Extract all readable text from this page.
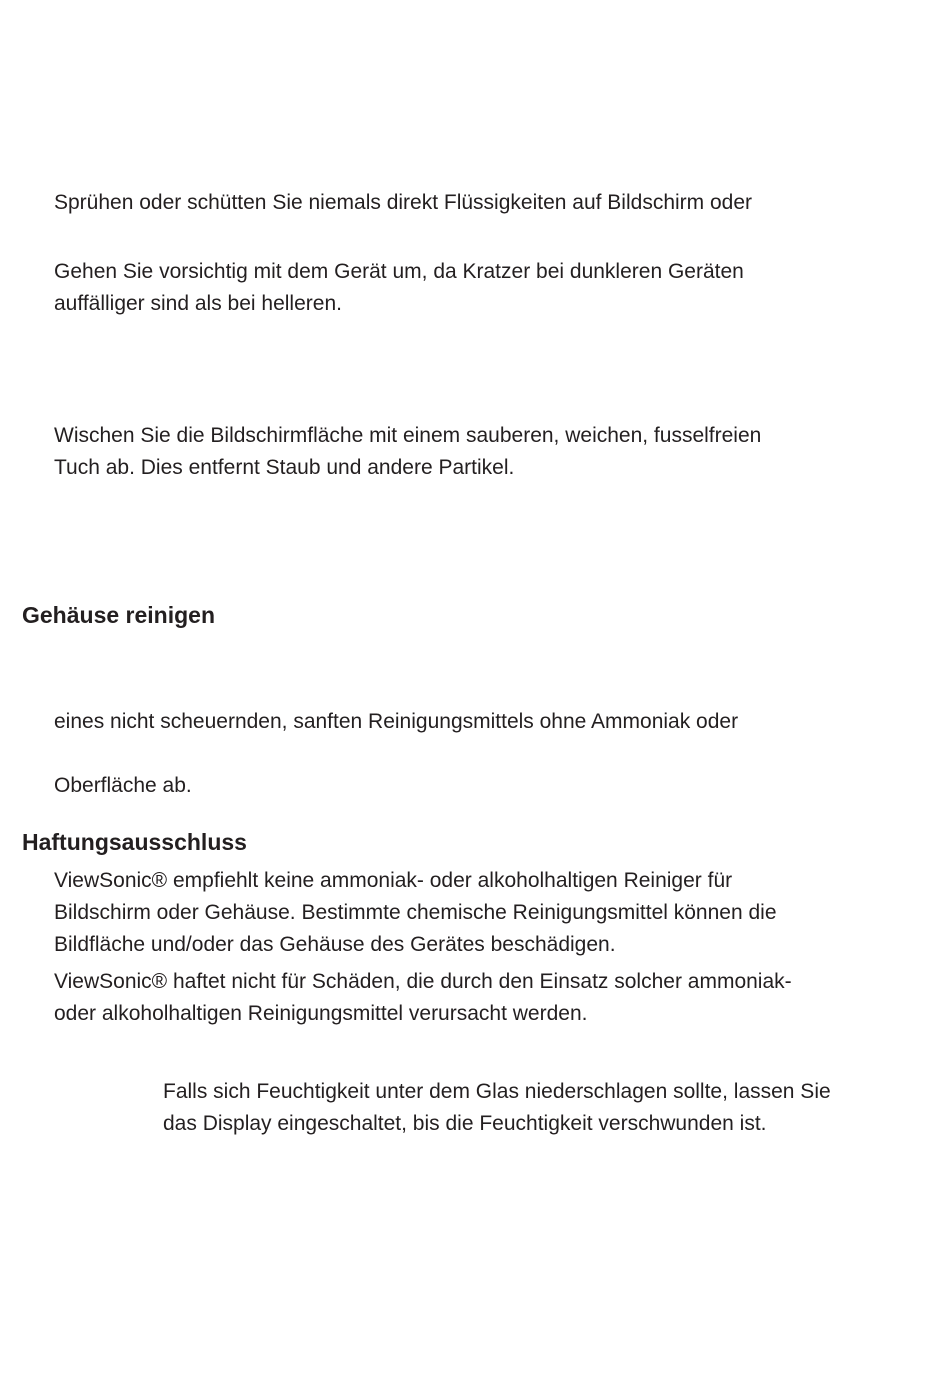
Sprühen oder schütten Sie niemals direkt Flüssigkeiten auf Bildschirm oder

Gehen Sie vorsichtig mit dem Gerät um, da Kratzer bei dunkleren Geräten
auffälliger sind als bei helleren.

Wischen Sie die Bildschirmfläche mit einem sauberen, weichen, fusselfreien
Tuch ab. Dies entfernt Staub und andere Partikel.

Gehäuse reinigen

eines nicht scheuernden, sanften Reinigungsmittels ohne Ammoniak oder

Oberfläche ab.

Haftungsausschluss

ViewSonic® empfiehlt keine ammoniak- oder alkoholhaltigen Reiniger für
Bildschirm oder Gehäuse. Bestimmte chemische Reinigungsmittel können die
Bildfläche und/oder das Gehäuse des Gerätes beschädigen.

ViewSonic® haftet nicht für Schäden, die durch den Einsatz solcher ammoniak-
oder alkoholhaltigen Reinigungsmittel verursacht werden.

Falls sich Feuchtigkeit unter dem Glas niederschlagen sollte, lassen Sie
das Display eingeschaltet, bis die Feuchtigkeit verschwunden ist.
